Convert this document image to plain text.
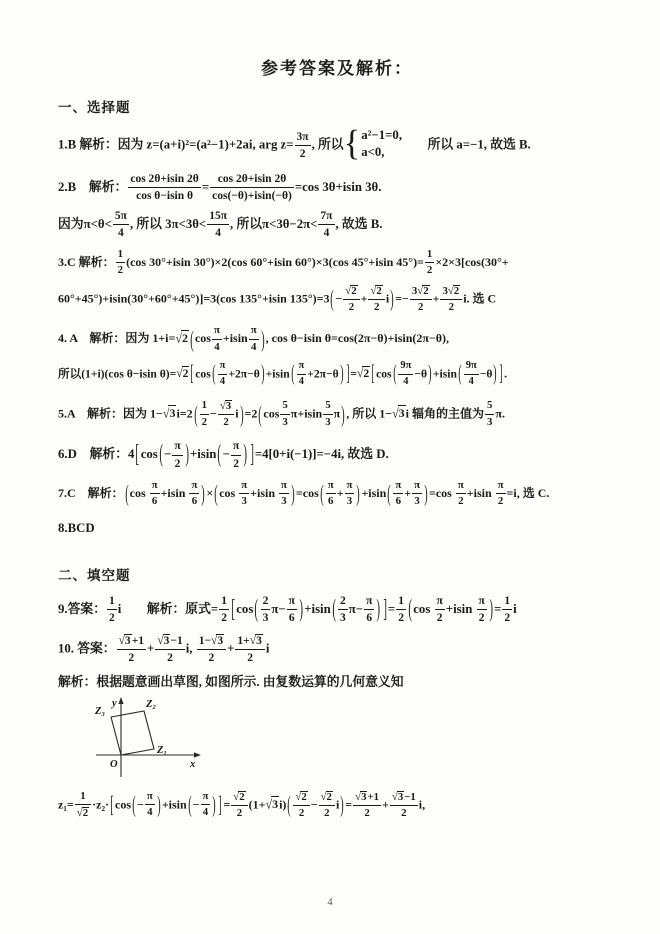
参考答案及解析：
一、选择题
1.B 解析：因为 z=(a+i)²=(a²−1)+2ai, arg $z= \frac{3\pi}{2}$ , 所以 { a²−1=0,
a<0,
　　所以 a=−1, 故选 B.
2.B　解析： $\frac{\cos 2\theta+isin 2\theta}{\text{cos θ−isin θ}} = \frac{\cos 2\theta+isin 2\theta}{\cos(-\theta)+isin(-\theta)} =\cos$ 3θ+isin 3θ.
因为$\pi<\theta< \frac{5\pi}{4}$ , 所以 $3\pi<3\theta< \frac{15\pi}{4}$ , 所以$\pi<3\theta-2\pi< \frac{7\pi}{4}$ , 故选 B.
3.C 解析： $\frac{1}{2} (\cos$ 30°+isin 30°)×2(cos 60°+isin 60°)×3(cos 45°+isin $45^\circ)= \frac{1}{2} \times 2\times 3[\cos(30^\circ+$
60°+45°)+isin(30°+60°+45°)]=3(cos 135°+isin $135^\circ)=3(- \frac{√2}{2} + \frac{√2}{2} i)=- \frac{3√2}{2} + \frac{3√2}{2} i$. 选 C
4. A　解析：因为 1+i=√2 ($\cos \frac{\pi}{4} +isin \frac{\pi}{4}$ ), cos θ−isin θ=cos(2π−θ)+isin(2π−θ),
所以(1+i)(cos θ−isin θ)=√2 [$\cos( \frac{\pi}{4} +2\pi-\theta)+isin( \frac{\pi}{4} +2\pi-\theta)$ ]=√2 [$\cos( \frac{9\pi}{4} -\theta)+isin( \frac{9\pi}{4} -\theta)$ ].
5.A　解析：因为 $1-√3i=2( \frac{1}{2} - \frac{√3}{2} i)=2(\cos \frac{5}{3} \pi+isin \frac{5}{3} \pi)$, 所以 1−√3i 辐角的主值为 $\frac{5}{3} \pi$.
6.D　解析：$4[\cos(- \frac{\pi}{2} )+isin(- \frac{\pi}{2}$ ) ]=4[0+i(−1)]=−4i, 故选 D.
7.C　解析：$(\cos \frac{\pi}{6} +isin \frac{\pi}{6} )\times(\cos \frac{\pi}{3} +isin \frac{\pi}{3} )=\cos( \frac{\pi}{6} + \frac{\pi}{3} )+isin( \frac{\pi}{6} + \frac{\pi}{3} )=\cos \frac{\pi}{2} +isin \frac{\pi}{2} =i$, 选 C.
8.BCD
二、填空题
9.答案： $\frac{1}{2}$ i　　解析：原式= $\frac{1}{2} [\cos( \frac{2}{3} \pi- \frac{\pi}{6} )+isin( \frac{2}{3} \pi- \frac{\pi}{6}$ ) ]= $\frac{1}{2} (\cos \frac{\pi}{2} +isin \frac{\pi}{2}$ )= $\frac{1}{2}$ i
10. 答案： $\frac{√3+1}{2} + \frac{√3-1}{2} i$, $\frac{1-√3}{2} + \frac{1+√3}{2}$ i
解析：根据题意画出草图, 如图所示. 由复数运算的几何意义知
y
x
O
Z₁
Z₂
Z₃
$z_1= \frac{1}{√2} \cdot z_2\cdot[\cos(- \frac{\pi}{4} )+isin(- \frac{\pi}{4}$ ) ]= $\frac{√2}{2} (1+√3i)( \frac{√2}{2} - \frac{√2}{2} i)= \frac{√3+1}{2} + \frac{√3-1}{2} i$,
4
